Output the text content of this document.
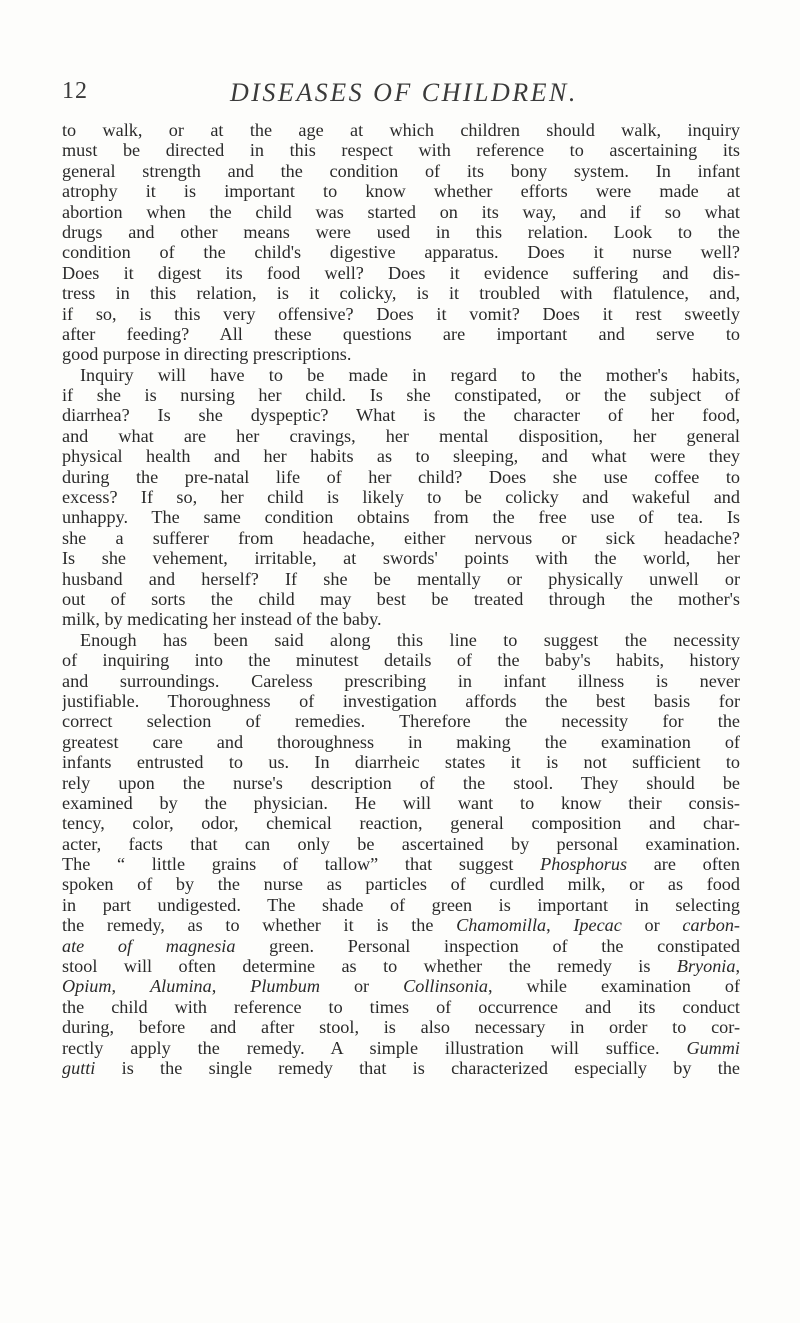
12	DISEASES OF CHILDREN.
to walk, or at the age at which children should walk, inquiry
must be directed in this respect with reference to ascertaining its
general strength and the condition of its bony system. In infant
atrophy it is important to know whether efforts were made at
abortion when the child was started on its way, and if so what
drugs and other means were used in this relation. Look to the
condition of the child's digestive apparatus. Does it nurse well?
Does it digest its food well? Does it evidence suffering and dis-
tress in this relation, is it colicky, is it troubled with flatulence, and,
if so, is this very offensive? Does it vomit? Does it rest sweetly
after feeding? All these questions are important and serve to
good purpose in directing prescriptions.
Inquiry will have to be made in regard to the mother's habits,
if she is nursing her child. Is she constipated, or the subject of
diarrhea? Is she dyspeptic? What is the character of her food,
and what are her cravings, her mental disposition, her general
physical health and her habits as to sleeping, and what were they
during the pre-natal life of her child? Does she use coffee to
excess? If so, her child is likely to be colicky and wakeful and
unhappy. The same condition obtains from the free use of tea. Is
she a sufferer from headache, either nervous or sick headache?
Is she vehement, irritable, at swords' points with the world, her
husband and herself? If she be mentally or physically unwell or
out of sorts the child may best be treated through the mother's
milk, by medicating her instead of the baby.
Enough has been said along this line to suggest the necessity
of inquiring into the minutest details of the baby's habits, history
and surroundings. Careless prescribing in infant illness is never
justifiable. Thoroughness of investigation affords the best basis for
correct selection of remedies. Therefore the necessity for the
greatest care and thoroughness in making the examination of
infants entrusted to us. In diarrheic states it is not sufficient to
rely upon the nurse's description of the stool. They should be
examined by the physician. He will want to know their consis-
tency, color, odor, chemical reaction, general composition and char-
acter, facts that can only be ascertained by personal examination.
The “ little grains of tallow” that suggest Phosphorus are often
spoken of by the nurse as particles of curdled milk, or as food
in part undigested. The shade of green is important in selecting
the remedy, as to whether it is the Chamomilla, Ipecac or carbon-
ate of magnesia green. Personal inspection of the constipated
stool will often determine as to whether the remedy is Bryonia,
Opium, Alumina, Plumbum or Collinsonia, while examination of
the child with reference to times of occurrence and its conduct
during, before and after stool, is also necessary in order to cor-
rectly apply the remedy. A simple illustration will suffice. Gummi
gutti is the single remedy that is characterized especially by the
